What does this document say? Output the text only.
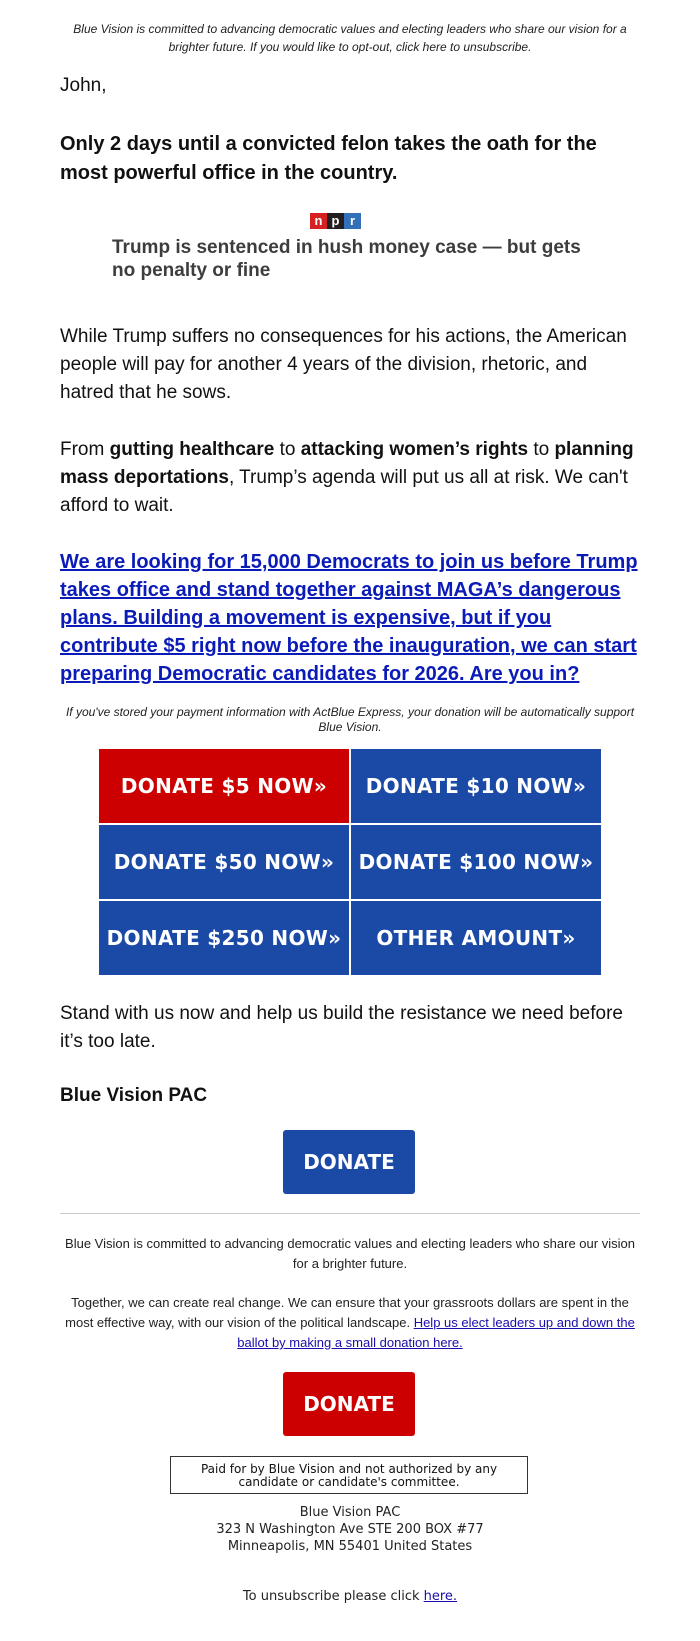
Blue Vision is committed to advancing democratic values and electing leaders who share our vision for a brighter future. If you would like to opt-out, click here to unsubscribe.
John,
Only 2 days until a convicted felon takes the oath for the most powerful office in the country.
n p r
Trump is sentenced in hush money case — but gets no penalty or fine
While Trump suffers no consequences for his actions, the American people will pay for another 4 years of the division, rhetoric, and hatred that he sows.
From gutting healthcare to attacking women’s rights to planning mass deportations, Trump’s agenda will put us all at risk. We can't afford to wait.
We are looking for 15,000 Democrats to join us before Trump takes office and stand together against MAGA’s dangerous plans. Building a movement is expensive, but if you contribute $5 right now before the inauguration, we can start preparing Democratic candidates for 2026. Are you in?
If you've stored your payment information with ActBlue Express, your donation will be automatically support Blue Vision.
DONATE $5 NOW»	DONATE $10 NOW»
DONATE $50 NOW»	DONATE $100 NOW»
DONATE $250 NOW»	OTHER AMOUNT»
Stand with us now and help us build the resistance we need before it’s too late.
Blue Vision PAC
DONATE
Blue Vision is committed to advancing democratic values and electing leaders who share our vision for a brighter future.
Together, we can create real change. We can ensure that your grassroots dollars are spent in the most effective way, with our vision of the political landscape. Help us elect leaders up and down the ballot by making a small donation here.
DONATE
Paid for by Blue Vision and not authorized by any candidate or candidate's committee.
Blue Vision PAC
323 N Washington Ave STE 200 BOX #77
Minneapolis, MN 55401 United States
To unsubscribe please click here.
